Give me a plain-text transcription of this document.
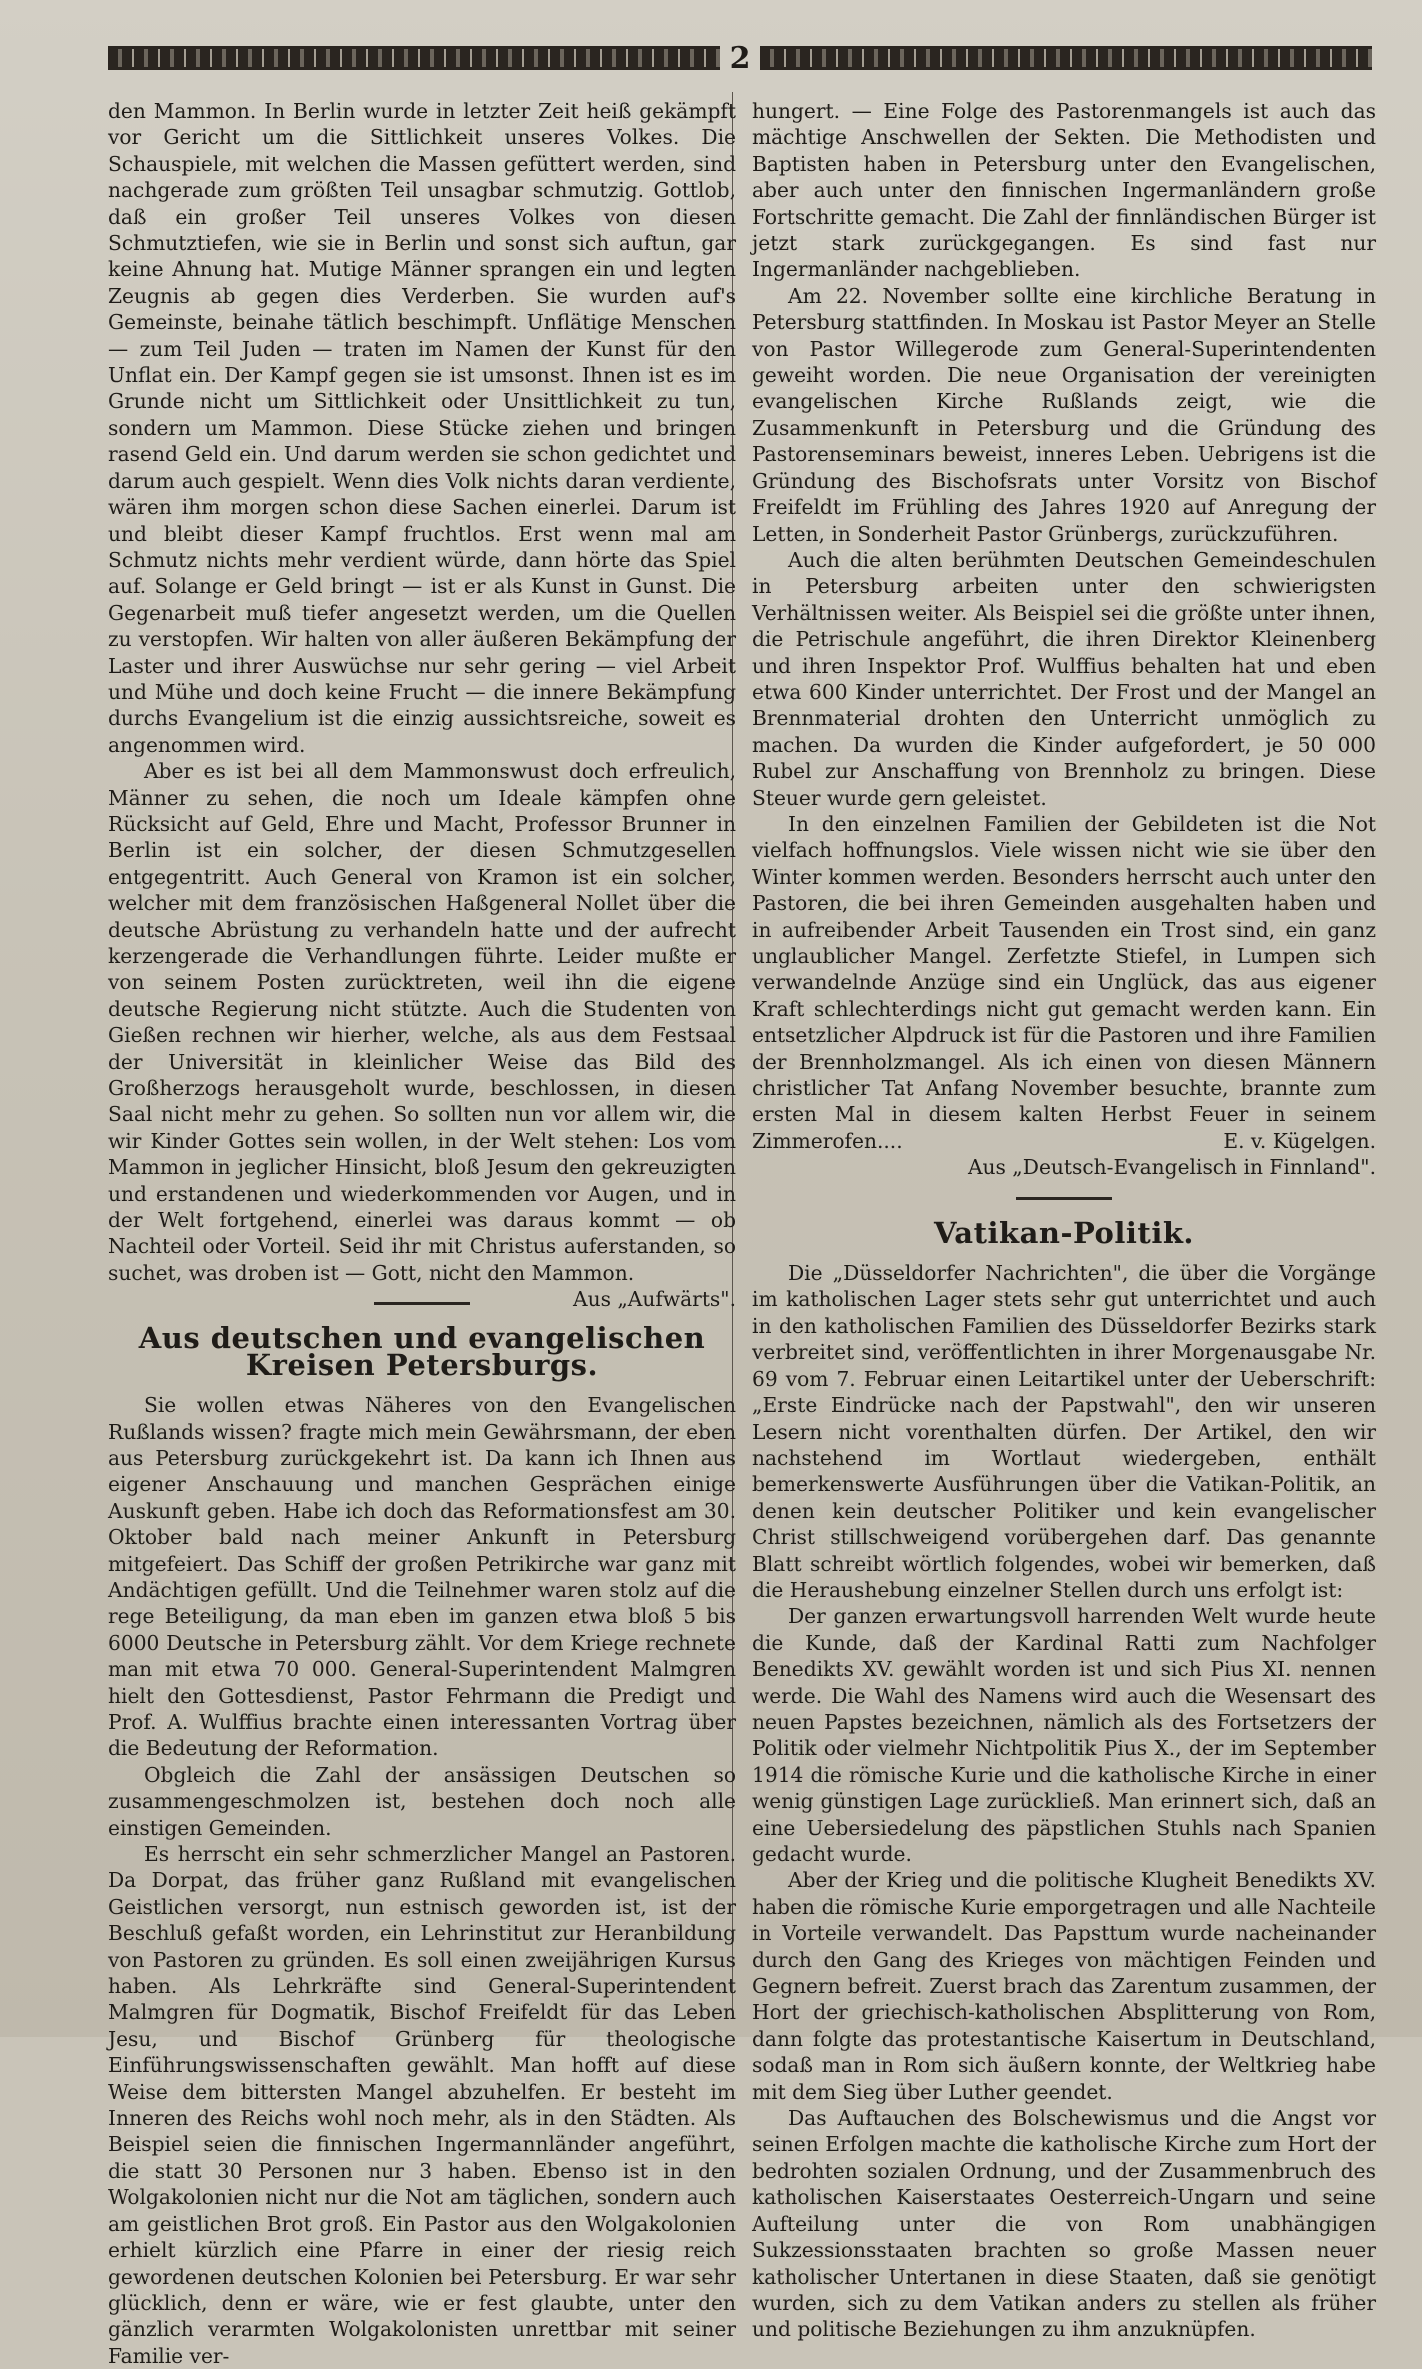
2

den Mammon. In Berlin wurde in letzter Zeit heiß gekämpft vor Gericht um die Sittlichkeit unseres Volkes. Die Schauspiele, mit welchen die Massen gefüttert werden, sind nachgerade zum größten Teil unsagbar schmutzig. Gottlob, daß ein großer Teil unseres Volkes von diesen Schmutztiefen, wie sie in Berlin und sonst sich auftun, gar keine Ahnung hat. Mutige Männer sprangen ein und legten Zeugnis ab gegen dies Verderben. Sie wurden auf's Gemeinste, beinahe tätlich beschimpft. Unflätige Menschen — zum Teil Juden — traten im Namen der Kunst für den Unflat ein. Der Kampf gegen sie ist umsonst. Ihnen ist es im Grunde nicht um Sittlichkeit oder Unsittlichkeit zu tun, sondern um Mammon. Diese Stücke ziehen und bringen rasend Geld ein. Und darum werden sie schon gedichtet und darum auch gespielt. Wenn dies Volk nichts daran verdiente, wären ihm morgen schon diese Sachen einerlei. Darum ist und bleibt dieser Kampf fruchtlos. Erst wenn mal am Schmutz nichts mehr verdient würde, dann hörte das Spiel auf. Solange er Geld bringt — ist er als Kunst in Gunst. Die Gegenarbeit muß tiefer angesetzt werden, um die Quellen zu verstopfen. Wir halten von aller äußeren Bekämpfung der Laster und ihrer Auswüchse nur sehr gering — viel Arbeit und Mühe und doch keine Frucht — die innere Bekämpfung durchs Evangelium ist die einzig aussichtsreiche, soweit es angenommen wird.

Aber es ist bei all dem Mammonswust doch erfreulich, Männer zu sehen, die noch um Ideale kämpfen ohne Rücksicht auf Geld, Ehre und Macht, Professor Brunner in Berlin ist ein solcher, der diesen Schmutzgesellen entgegentritt. Auch General von Kramon ist ein solcher, welcher mit dem französischen Haßgeneral Nollet über die deutsche Abrüstung zu verhandeln hatte und der aufrecht kerzengerade die Verhandlungen führte. Leider mußte er von seinem Posten zurücktreten, weil ihn die eigene deutsche Regierung nicht stützte. Auch die Studenten von Gießen rechnen wir hierher, welche, als aus dem Festsaal der Universität in kleinlicher Weise das Bild des Großherzogs herausgeholt wurde, beschlossen, in diesen Saal nicht mehr zu gehen. So sollten nun vor allem wir, die wir Kinder Gottes sein wollen, in der Welt stehen: Los vom Mammon in jeglicher Hinsicht, bloß Jesum den gekreuzigten und erstandenen und wiederkommenden vor Augen, und in der Welt fortgehend, einerlei was daraus kommt — ob Nachteil oder Vorteil. Seid ihr mit Christus auferstanden, so suchet, was droben ist — Gott, nicht den Mammon.
Aus „Aufwärts".

Aus deutschen und evangelischen Kreisen Petersburgs.

Sie wollen etwas Näheres von den Evangelischen Rußlands wissen? fragte mich mein Gewährsmann, der eben aus Petersburg zurückgekehrt ist. Da kann ich Ihnen aus eigener Anschauung und manchen Gesprächen einige Auskunft geben. Habe ich doch das Reformationsfest am 30. Oktober bald nach meiner Ankunft in Petersburg mitgefeiert. Das Schiff der großen Petrikirche war ganz mit Andächtigen gefüllt. Und die Teilnehmer waren stolz auf die rege Beteiligung, da man eben im ganzen etwa bloß 5 bis 6000 Deutsche in Petersburg zählt. Vor dem Kriege rechnete man mit etwa 70 000. General-Superintendent Malmgren hielt den Gottesdienst, Pastor Fehrmann die Predigt und Prof. A. Wulffius brachte einen interessanten Vortrag über die Bedeutung der Reformation.

Obgleich die Zahl der ansässigen Deutschen so zusammengeschmolzen ist, bestehen doch noch alle einstigen Gemeinden.

Es herrscht ein sehr schmerzlicher Mangel an Pastoren. Da Dorpat, das früher ganz Rußland mit evangelischen Geistlichen versorgt, nun estnisch geworden ist, ist der Beschluß gefaßt worden, ein Lehrinstitut zur Heranbildung von Pastoren zu gründen. Es soll einen zweijährigen Kursus haben. Als Lehrkräfte sind General-Superintendent Malmgren für Dogmatik, Bischof Freifeldt für das Leben Jesu, und Bischof Grünberg für theologische Einführungswissenschaften gewählt. Man hofft auf diese Weise dem bittersten Mangel abzuhelfen. Er besteht im Inneren des Reichs wohl noch mehr, als in den Städten. Als Beispiel seien die finnischen Ingermannländer angeführt, die statt 30 Personen nur 3 haben. Ebenso ist in den Wolgakolonien nicht nur die Not am täglichen, sondern auch am geistlichen Brot groß. Ein Pastor aus den Wolgakolonien erhielt kürzlich eine Pfarre in einer der riesig reich gewordenen deutschen Kolonien bei Petersburg. Er war sehr glücklich, denn er wäre, wie er fest glaubte, unter den gänzlich verarmten Wolgakolonisten unrettbar mit seiner Familie ver-

hungert. — Eine Folge des Pastorenmangels ist auch das mächtige Anschwellen der Sekten. Die Methodisten und Baptisten haben in Petersburg unter den Evangelischen, aber auch unter den finnischen Ingermanländern große Fortschritte gemacht. Die Zahl der finnländischen Bürger ist jetzt stark zurückgegangen. Es sind fast nur Ingermanländer nachgeblieben.

Am 22. November sollte eine kirchliche Beratung in Petersburg stattfinden. In Moskau ist Pastor Meyer an Stelle von Pastor Willegerode zum General-Superintendenten geweiht worden. Die neue Organisation der vereinigten evangelischen Kirche Rußlands zeigt, wie die Zusammenkunft in Petersburg und die Gründung des Pastorenseminars beweist, inneres Leben. Uebrigens ist die Gründung des Bischofsrats unter Vorsitz von Bischof Freifeldt im Frühling des Jahres 1920 auf Anregung der Letten, in Sonderheit Pastor Grünbergs, zurückzuführen.

Auch die alten berühmten Deutschen Gemeindeschulen in Petersburg arbeiten unter den schwierigsten Verhältnissen weiter. Als Beispiel sei die größte unter ihnen, die Petrischule angeführt, die ihren Direktor Kleinenberg und ihren Inspektor Prof. Wulffius behalten hat und eben etwa 600 Kinder unterrichtet. Der Frost und der Mangel an Brennmaterial drohten den Unterricht unmöglich zu machen. Da wurden die Kinder aufgefordert, je 50 000 Rubel zur Anschaffung von Brennholz zu bringen. Diese Steuer wurde gern geleistet.

In den einzelnen Familien der Gebildeten ist die Not vielfach hoffnungslos. Viele wissen nicht wie sie über den Winter kommen werden. Besonders herrscht auch unter den Pastoren, die bei ihren Gemeinden ausgehalten haben und in aufreibender Arbeit Tausenden ein Trost sind, ein ganz unglaublicher Mangel. Zerfetzte Stiefel, in Lumpen sich verwandelnde Anzüge sind ein Unglück, das aus eigener Kraft schlechterdings nicht gut gemacht werden kann. Ein entsetzlicher Alpdruck ist für die Pastoren und ihre Familien der Brennholzmangel. Als ich einen von diesen Männern christlicher Tat Anfang November besuchte, brannte zum ersten Mal in diesem kalten Herbst Feuer in seinem Zimmerofen....	E. v. Kügelgen.

Aus „Deutsch-Evangelisch in Finnland".
Vatikan-Politik.

Die „Düsseldorfer Nachrichten", die über die Vorgänge im katholischen Lager stets sehr gut unterrichtet und auch in den katholischen Familien des Düsseldorfer Bezirks stark verbreitet sind, veröffentlichten in ihrer Morgenausgabe Nr. 69 vom 7. Februar einen Leitartikel unter der Ueberschrift: „Erste Eindrücke nach der Papstwahl", den wir unseren Lesern nicht vorenthalten dürfen. Der Artikel, den wir nachstehend im Wortlaut wiedergeben, enthält bemerkenswerte Ausführungen über die Vatikan-Politik, an denen kein deutscher Politiker und kein evangelischer Christ stillschweigend vorübergehen darf. Das genannte Blatt schreibt wörtlich folgendes, wobei wir bemerken, daß die Heraushebung einzelner Stellen durch uns erfolgt ist:

Der ganzen erwartungsvoll harrenden Welt wurde heute die Kunde, daß der Kardinal Ratti zum Nachfolger Benedikts XV. gewählt worden ist und sich Pius XI. nennen werde. Die Wahl des Namens wird auch die Wesensart des neuen Papstes bezeichnen, nämlich als des Fortsetzers der Politik oder vielmehr Nichtpolitik Pius X., der im September 1914 die römische Kurie und die katholische Kirche in einer wenig günstigen Lage zurückließ. Man erinnert sich, daß an eine Uebersiedelung des päpstlichen Stuhls nach Spanien gedacht wurde.

Aber der Krieg und die politische Klugheit Benedikts XV. haben die römische Kurie emporgetragen und alle Nachteile in Vorteile verwandelt. Das Papsttum wurde nacheinander durch den Gang des Krieges von mächtigen Feinden und Gegnern befreit. Zuerst brach das Zarentum zusammen, der Hort der griechisch-katholischen Absplitterung von Rom, dann folgte das protestantische Kaisertum in Deutschland, sodaß man in Rom sich äußern konnte, der Weltkrieg habe mit dem Sieg über Luther geendet.

Das Auftauchen des Bolschewismus und die Angst vor seinen Erfolgen machte die katholische Kirche zum Hort der bedrohten sozialen Ordnung, und der Zusammenbruch des katholischen Kaiserstaates Oesterreich-Ungarn und seine Aufteilung unter die von Rom unabhängigen Sukzessionsstaaten brachten so große Massen neuer katholischer Untertanen in diese Staaten, daß sie genötigt wurden, sich zu dem Vatikan anders zu stellen als früher und politische Beziehungen zu ihm anzuknüpfen.
